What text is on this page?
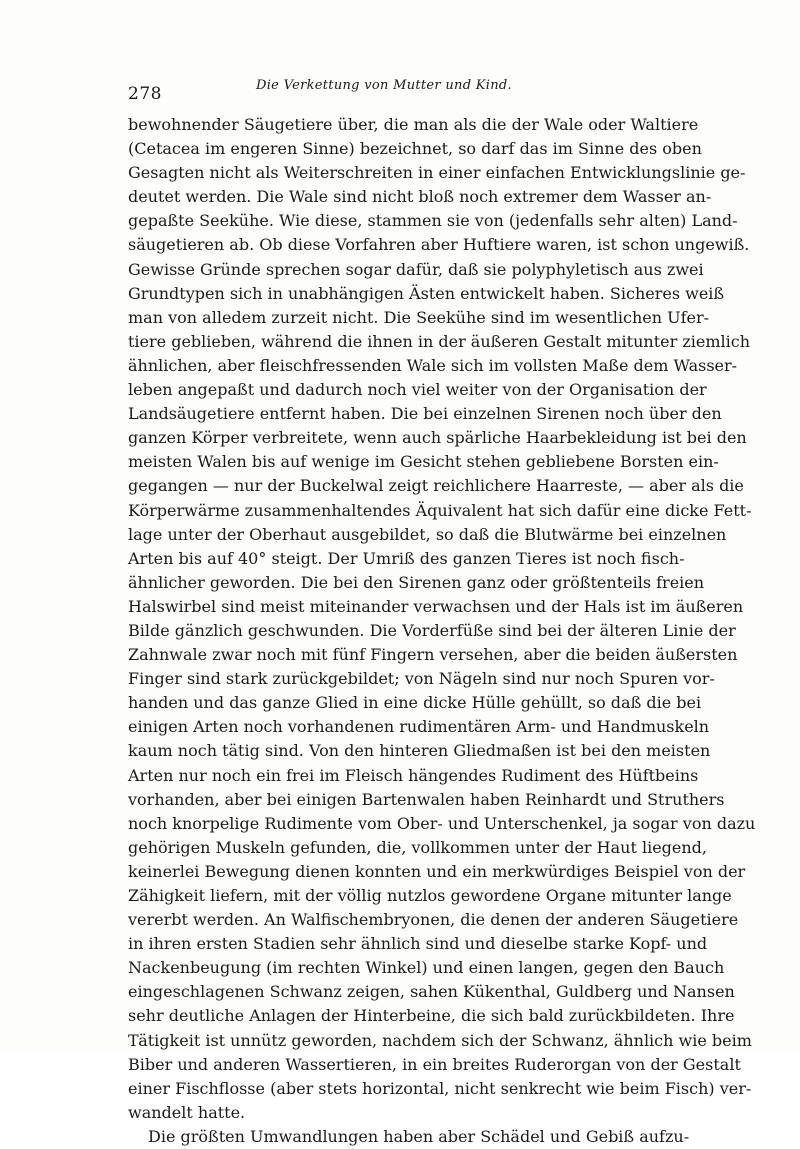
278	Die Verkettung von Mutter und Kind.
bewohnender Säugetiere über, die man als die der Wale oder Waltiere
(Cetacea im engeren Sinne) bezeichnet, so darf das im Sinne des oben
Gesagten nicht als Weiterschreiten in einer einfachen Entwicklungslinie ge-
deutet werden. Die Wale sind nicht bloß noch extremer dem Wasser an-
gepaßte Seekühe. Wie diese, stammen sie von (jedenfalls sehr alten) Land-
säugetieren ab. Ob diese Vorfahren aber Huftiere waren, ist schon ungewiß.
Gewisse Gründe sprechen sogar dafür, daß sie polyphyletisch aus zwei
Grundtypen sich in unabhängigen Ästen entwickelt haben. Sicheres weiß
man von alledem zurzeit nicht. Die Seekühe sind im wesentlichen Ufer-
tiere geblieben, während die ihnen in der äußeren Gestalt mitunter ziemlich
ähnlichen, aber fleischfressenden Wale sich im vollsten Maße dem Wasser-
leben angepaßt und dadurch noch viel weiter von der Organisation der
Landsäugetiere entfernt haben. Die bei einzelnen Sirenen noch über den
ganzen Körper verbreitete, wenn auch spärliche Haarbekleidung ist bei den
meisten Walen bis auf wenige im Gesicht stehen gebliebene Borsten ein-
gegangen — nur der Buckelwal zeigt reichlichere Haarreste, — aber als die
Körperwärme zusammenhaltendes Äquivalent hat sich dafür eine dicke Fett-
lage unter der Oberhaut ausgebildet, so daß die Blutwärme bei einzelnen
Arten bis auf 40° steigt. Der Umriß des ganzen Tieres ist noch fisch-
ähnlicher geworden. Die bei den Sirenen ganz oder größtenteils freien
Halswirbel sind meist miteinander verwachsen und der Hals ist im äußeren
Bilde gänzlich geschwunden. Die Vorderfüße sind bei der älteren Linie der
Zahnwale zwar noch mit fünf Fingern versehen, aber die beiden äußersten
Finger sind stark zurückgebildet; von Nägeln sind nur noch Spuren vor-
handen und das ganze Glied in eine dicke Hülle gehüllt, so daß die bei
einigen Arten noch vorhandenen rudimentären Arm- und Handmuskeln
kaum noch tätig sind. Von den hinteren Gliedmaßen ist bei den meisten
Arten nur noch ein frei im Fleisch hängendes Rudiment des Hüftbeins
vorhanden, aber bei einigen Bartenwalen haben Reinhardt und Struthers
noch knorpelige Rudimente vom Ober- und Unterschenkel, ja sogar von dazu
gehörigen Muskeln gefunden, die, vollkommen unter der Haut liegend,
keinerlei Bewegung dienen konnten und ein merkwürdiges Beispiel von der
Zähigkeit liefern, mit der völlig nutzlos gewordene Organe mitunter lange
vererbt werden. An Walfischembryonen, die denen der anderen Säugetiere
in ihren ersten Stadien sehr ähnlich sind und dieselbe starke Kopf- und
Nackenbeugung (im rechten Winkel) und einen langen, gegen den Bauch
eingeschlagenen Schwanz zeigen, sahen Kükenthal, Guldberg und Nansen
sehr deutliche Anlagen der Hinterbeine, die sich bald zurückbildeten. Ihre
Tätigkeit ist unnütz geworden, nachdem sich der Schwanz, ähnlich wie beim
Biber und anderen Wassertieren, in ein breites Ruderorgan von der Gestalt
einer Fischflosse (aber stets horizontal, nicht senkrecht wie beim Fisch) ver-
wandelt hatte.
Die größten Umwandlungen haben aber Schädel und Gebiß aufzu-
